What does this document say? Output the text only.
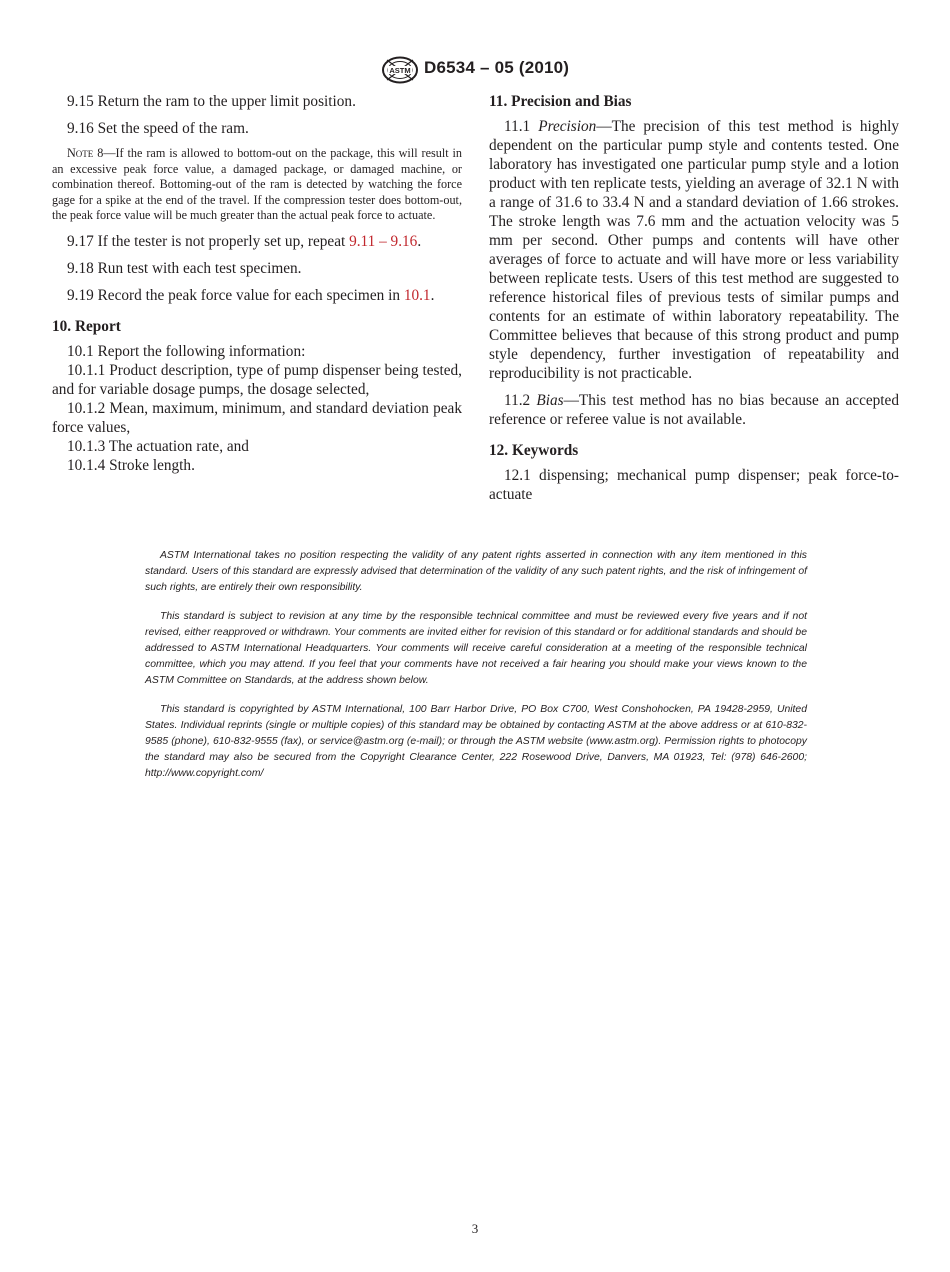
ASTM D6534 – 05 (2010)

9.15 Return the ram to the upper limit position.

9.16 Set the speed of the ram.

Note 8—If the ram is allowed to bottom-out on the package, this will result in an excessive peak force value, a damaged package, or damaged machine, or combination thereof. Bottoming-out of the ram is detected by watching the force gage for a spike at the end of the travel. If the compression tester does bottom-out, the peak force value will be much greater than the actual peak force to actuate.

9.17 If the tester is not properly set up, repeat 9.11 – 9.16.

9.18 Run test with each test specimen.

9.19 Record the peak force value for each specimen in 10.1.

10. Report

10.1 Report the following information:

10.1.1 Product description, type of pump dispenser being tested, and for variable dosage pumps, the dosage selected,

10.1.2 Mean, maximum, minimum, and standard deviation peak force values,

10.1.3 The actuation rate, and

10.1.4 Stroke length.

11. Precision and Bias

11.1 Precision—The precision of this test method is highly dependent on the particular pump style and contents tested. One laboratory has investigated one particular pump style and a lotion product with ten replicate tests, yielding an average of 32.1 N with a range of 31.6 to 33.4 N and a standard deviation of 1.66 strokes. The stroke length was 7.6 mm and the actuation velocity was 5 mm per second. Other pumps and contents will have other averages of force to actuate and will have more or less variability between replicate tests. Users of this test method are suggested to reference historical files of previous tests of similar pumps and contents for an estimate of within laboratory repeatability. The Committee believes that because of this strong product and pump style dependency, further investigation of repeatability and reproducibility is not practicable.

11.2 Bias—This test method has no bias because an accepted reference or referee value is not available.

12. Keywords

12.1 dispensing; mechanical pump dispenser; peak force-to-actuate

ASTM International takes no position respecting the validity of any patent rights asserted in connection with any item mentioned in this standard. Users of this standard are expressly advised that determination of the validity of any such patent rights, and the risk of infringement of such rights, are entirely their own responsibility.

This standard is subject to revision at any time by the responsible technical committee and must be reviewed every five years and if not revised, either reapproved or withdrawn. Your comments are invited either for revision of this standard or for additional standards and should be addressed to ASTM International Headquarters. Your comments will receive careful consideration at a meeting of the responsible technical committee, which you may attend. If you feel that your comments have not received a fair hearing you should make your views known to the ASTM Committee on Standards, at the address shown below.

This standard is copyrighted by ASTM International, 100 Barr Harbor Drive, PO Box C700, West Conshohocken, PA 19428-2959, United States. Individual reprints (single or multiple copies) of this standard may be obtained by contacting ASTM at the above address or at 610-832-9585 (phone), 610-832-9555 (fax), or service@astm.org (e-mail); or through the ASTM website (www.astm.org). Permission rights to photocopy the standard may also be secured from the Copyright Clearance Center, 222 Rosewood Drive, Danvers, MA 01923, Tel: (978) 646-2600; http://www.copyright.com/

3
